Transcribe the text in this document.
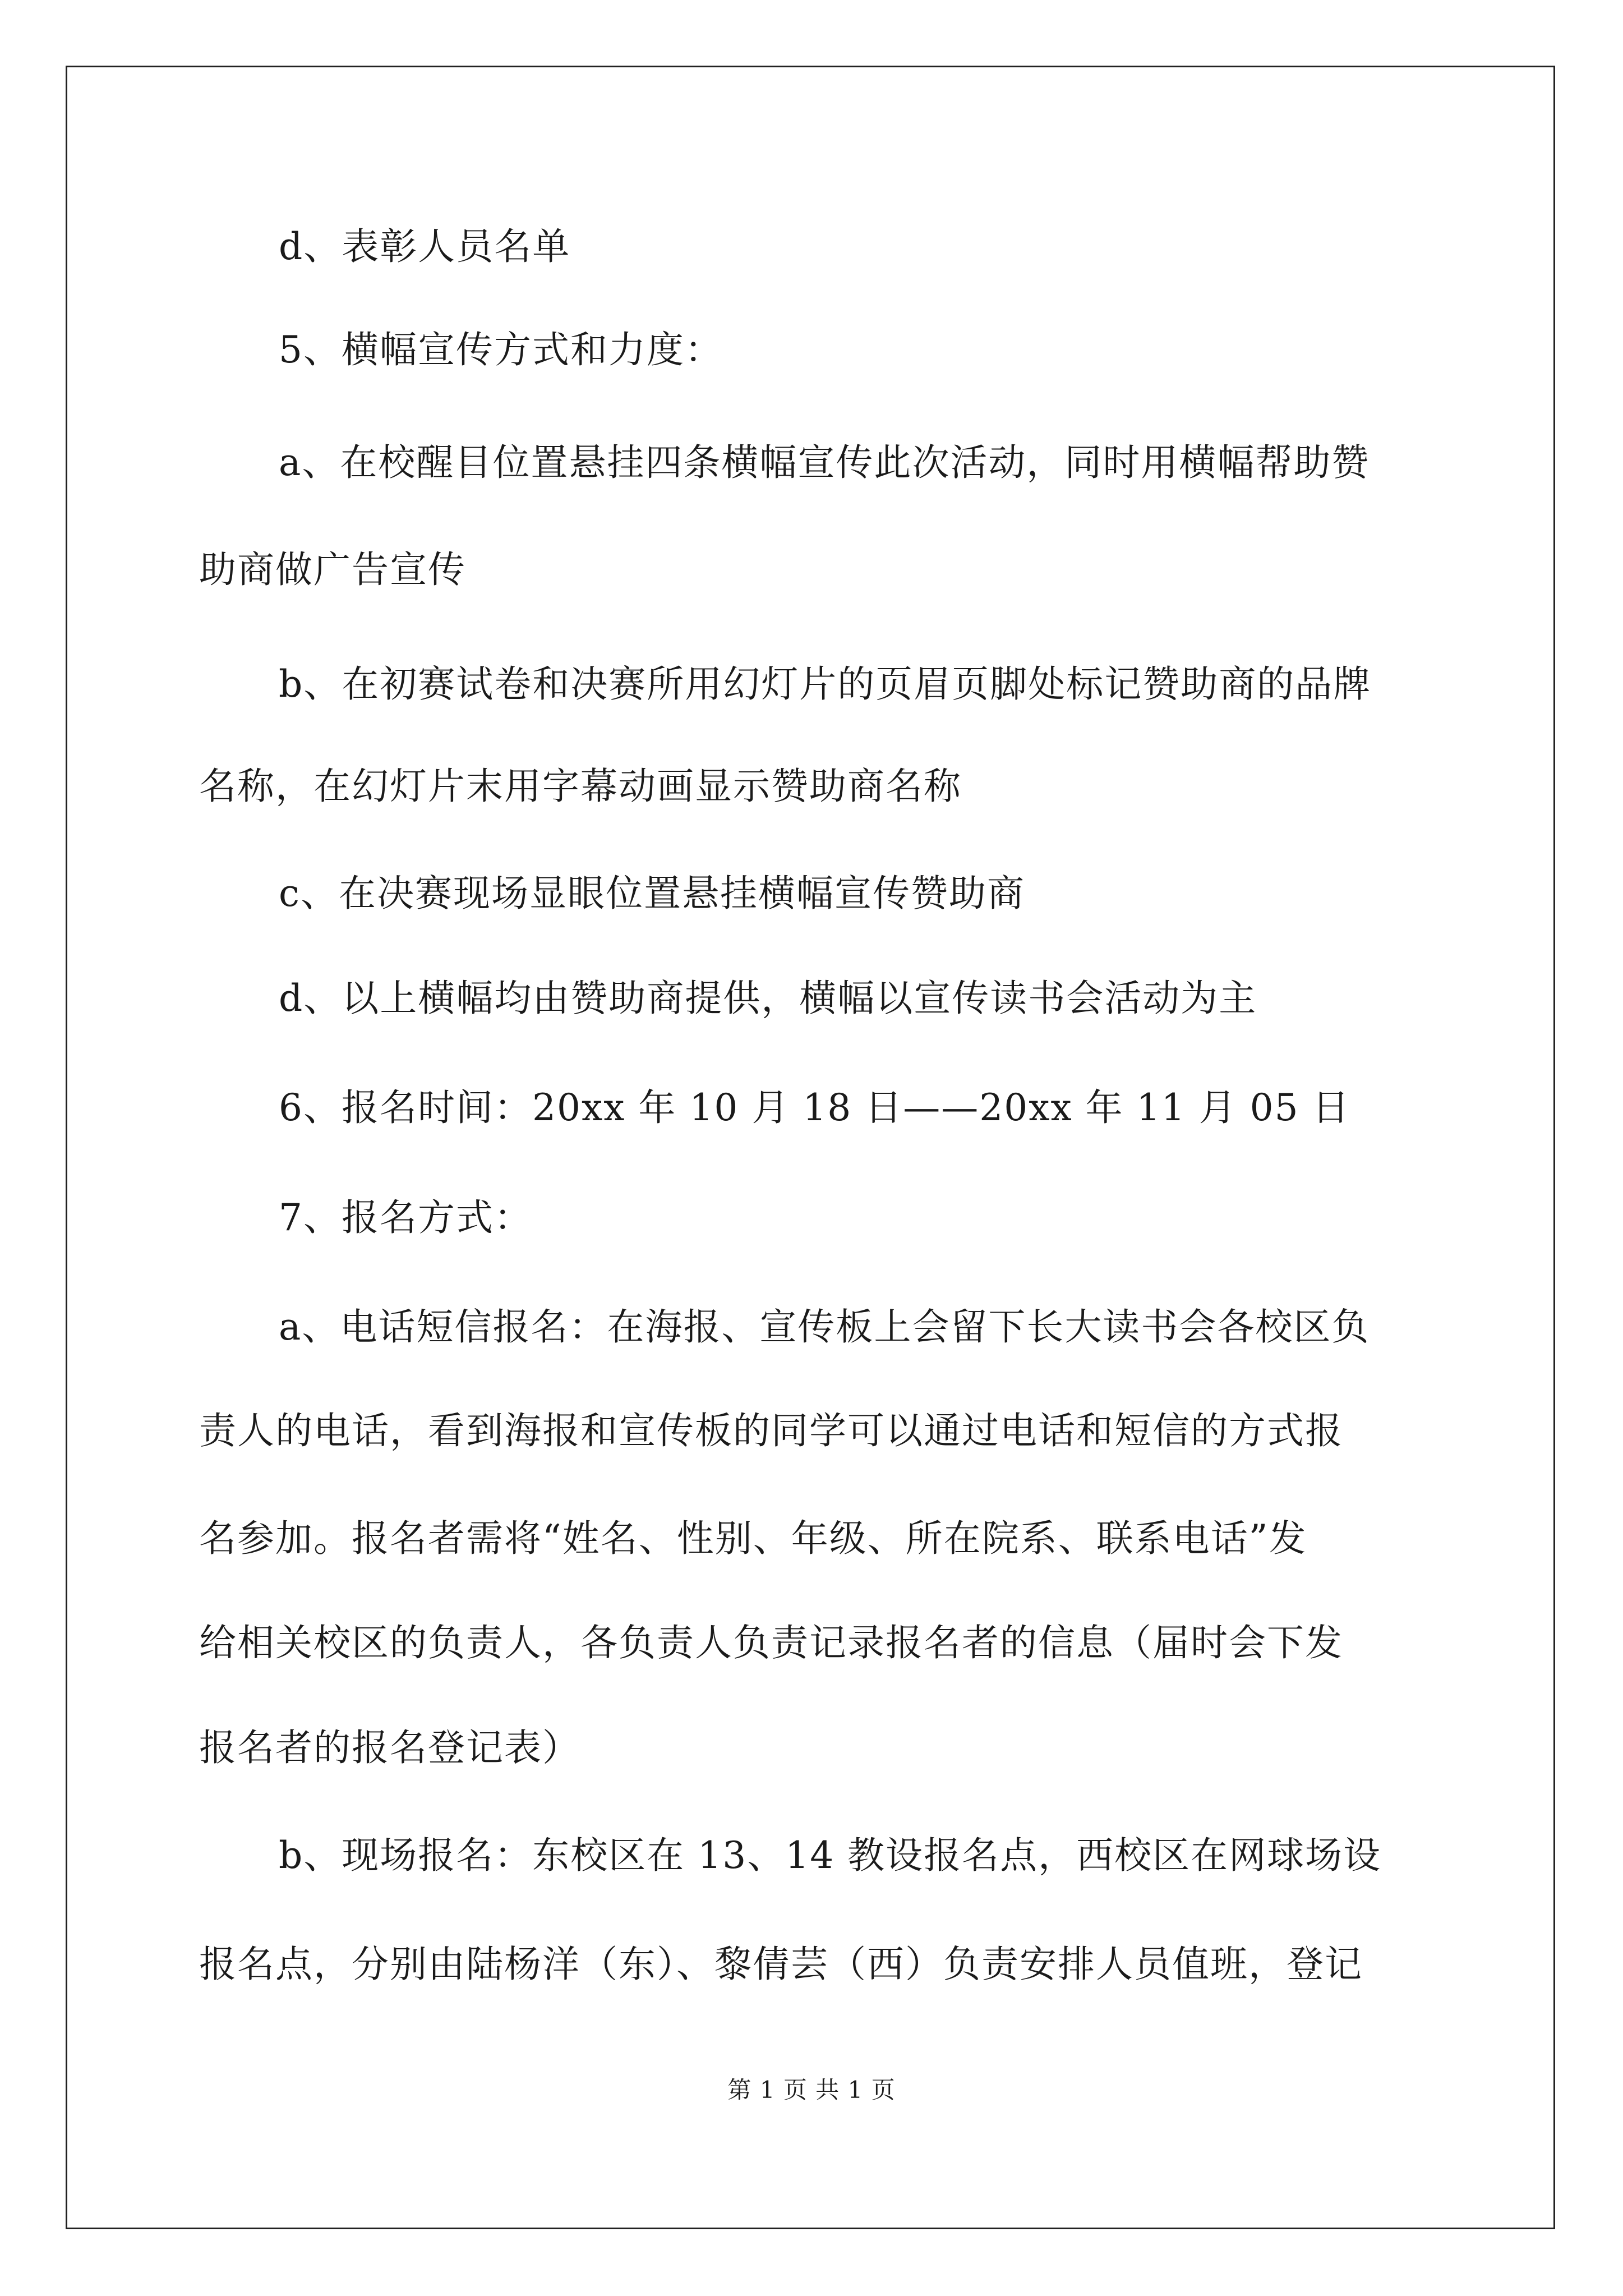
d、表彰人员名单
5、横幅宣传方式和力度：
a、在校醒目位置悬挂四条横幅宣传此次活动，同时用横幅帮助赞
助商做广告宣传
b、在初赛试卷和决赛所用幻灯片的页眉页脚处标记赞助商的品牌
名称，在幻灯片末用字幕动画显示赞助商名称
c、在决赛现场显眼位置悬挂横幅宣传赞助商
d、以上横幅均由赞助商提供，横幅以宣传读书会活动为主
6、报名时间：20xx 年 10 月 18 日——20xx 年 11 月 05 日
7、报名方式：
a、电话短信报名：在海报、宣传板上会留下长大读书会各校区负
责人的电话，看到海报和宣传板的同学可以通过电话和短信的方式报
名参加。报名者需将“姓名、性别、年级、所在院系、联系电话”发
给相关校区的负责人，各负责人负责记录报名者的信息（届时会下发
报名者的报名登记表）
b、现场报名：东校区在 13、14 教设报名点，西校区在网球场设
报名点，分别由陆杨洋（东）、黎倩芸（西）负责安排人员值班，登记
第 1 页 共 1 页
